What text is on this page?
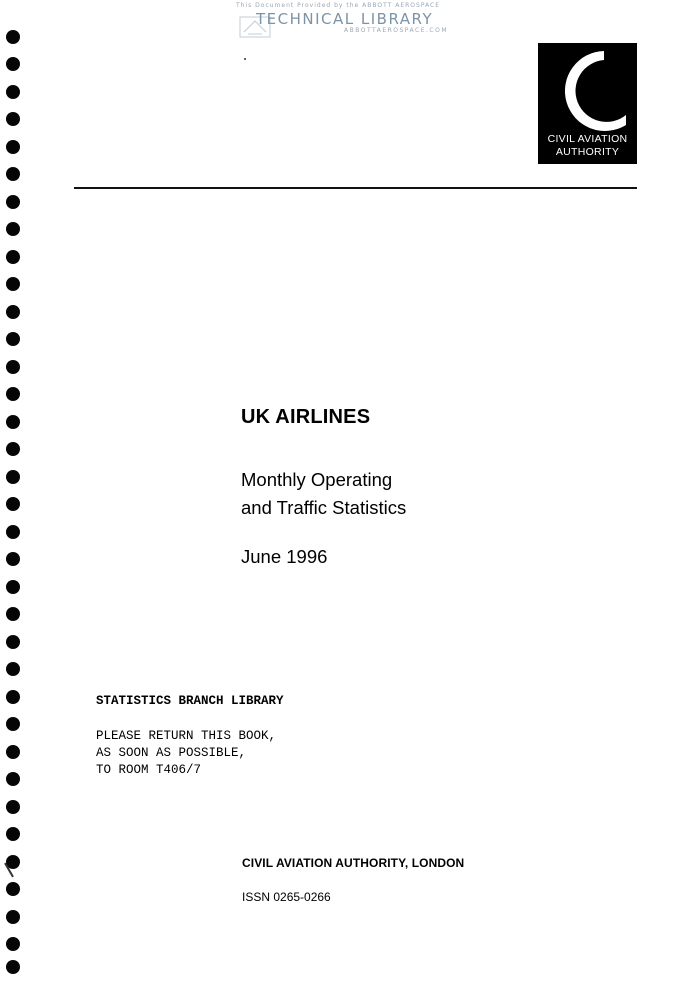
This Document Provided by the ABBOTT AEROSPACE
TECHNICAL LIBRARY
ABBOTTAEROSPACE.COM
CIVIL AVIATION
AUTHORITY
UK AIRLINES
Monthly Operating
and Traffic Statistics
June 1996
STATISTICS BRANCH LIBRARY
PLEASE RETURN THIS BOOK,
AS SOON AS POSSIBLE,
TO ROOM T406/7
CIVIL AVIATION AUTHORITY, LONDON
ISSN 0265-0266
